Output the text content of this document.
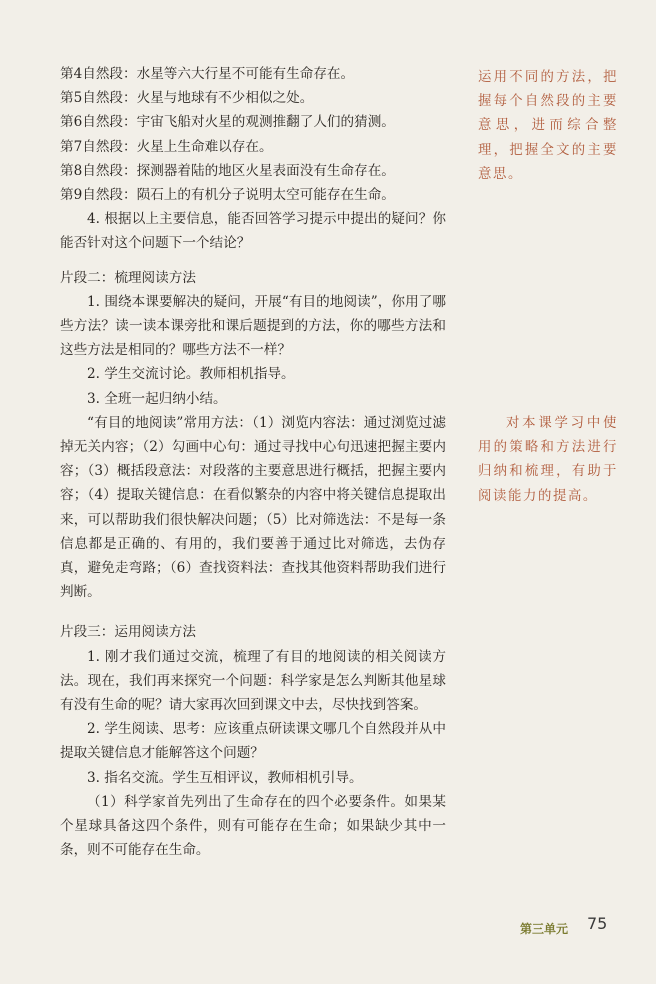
第4自然段：水星等六大行星不可能有生命存在。

第5自然段：火星与地球有不少相似之处。

第6自然段：宇宙飞船对火星的观测推翻了人们的猜测。

第7自然段：火星上生命难以存在。

第8自然段：探测器着陆的地区火星表面没有生命存在。

第9自然段：陨石上的有机分子说明太空可能存在生命。

4. 根据以上主要信息，能否回答学习提示中提出的疑问？你能否针对这个问题下一个结论？

片段二：梳理阅读方法

1. 围绕本课要解决的疑问，开展“有目的地阅读”，你用了哪些方法？读一读本课旁批和课后题提到的方法，你的哪些方法和这些方法是相同的？哪些方法不一样？

2. 学生交流讨论。教师相机指导。

3. 全班一起归纳小结。

“有目的地阅读”常用方法：（1）浏览内容法：通过浏览过滤掉无关内容；（2）勾画中心句：通过寻找中心句迅速把握主要内容；（3）概括段意法：对段落的主要意思进行概括，把握主要内容；（4）提取关键信息：在看似繁杂的内容中将关键信息提取出来，可以帮助我们很快解决问题；（5）比对筛选法：不是每一条信息都是正确的、有用的，我们要善于通过比对筛选，去伪存真，避免走弯路；（6）查找资料法：查找其他资料帮助我们进行判断。

片段三：运用阅读方法

1. 刚才我们通过交流，梳理了有目的地阅读的相关阅读方法。现在，我们再来探究一个问题：科学家是怎么判断其他星球有没有生命的呢？请大家再次回到课文中去，尽快找到答案。

2. 学生阅读、思考：应该重点研读课文哪几个自然段并从中提取关键信息才能解答这个问题？

3. 指名交流。学生互相评议，教师相机引导。

（1）科学家首先列出了生命存在的四个必要条件。如果某个星球具备这四个条件，则有可能存在生命；如果缺少其中一条，则不可能存在生命。

运用不同的方法，把握每个自然段的主要意思，进而综合整理，把握全文的主要意思。

对本课学习中使用的策略和方法进行归纳和梳理，有助于阅读能力的提高。

第三单元 75
